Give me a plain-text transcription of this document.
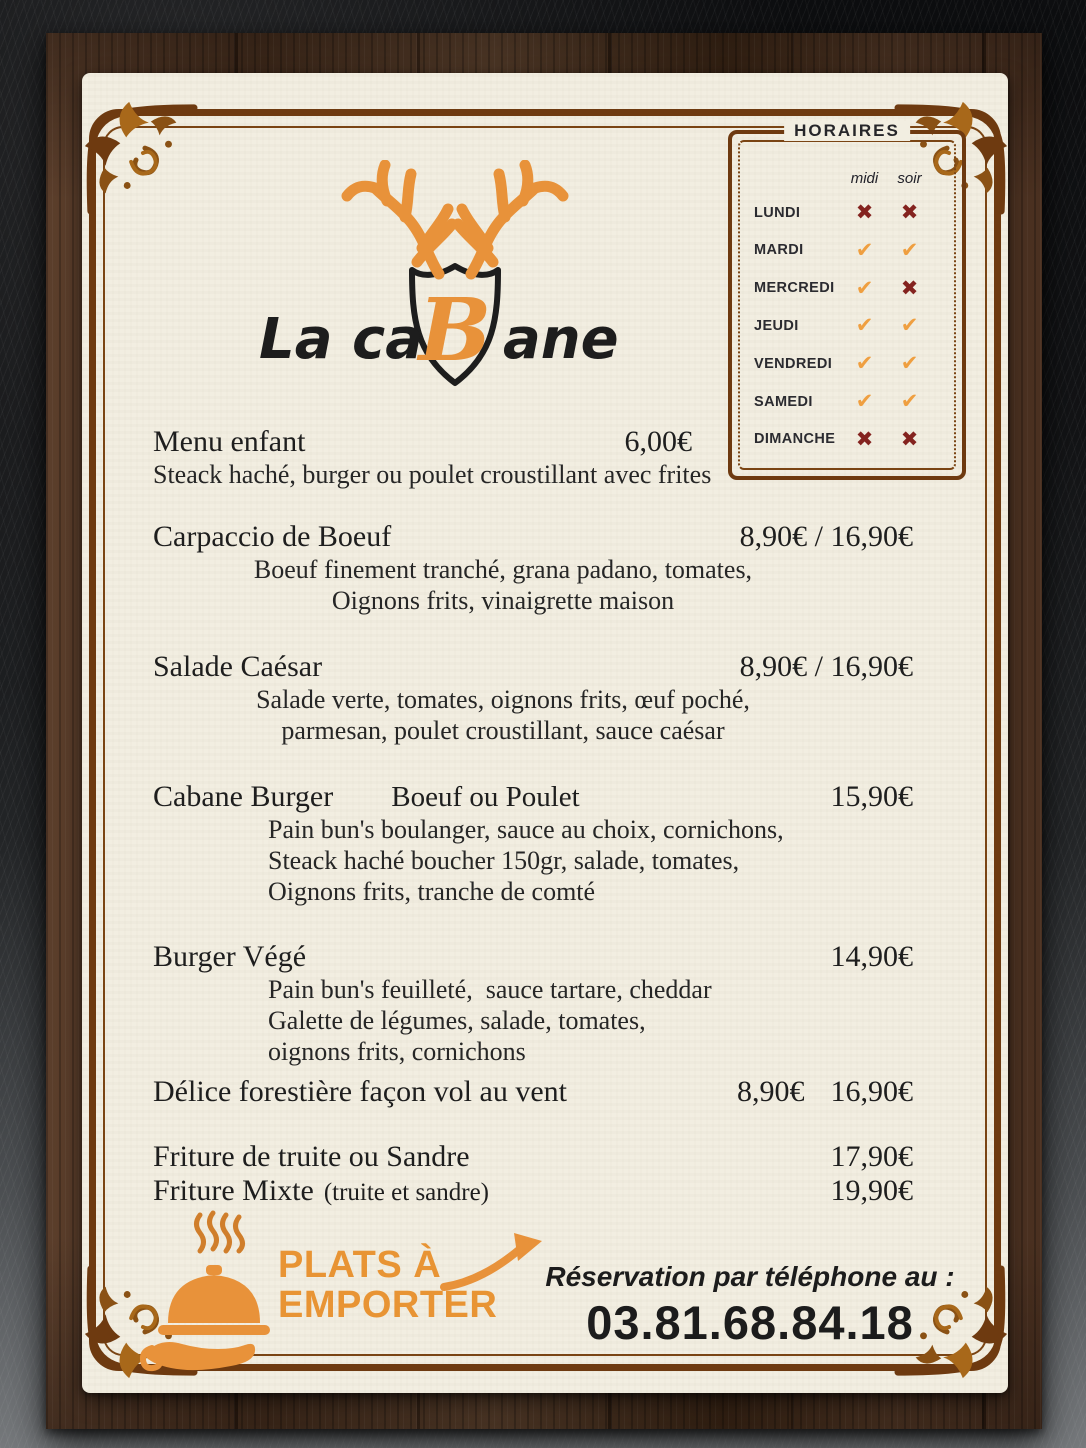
B
La ca ane
HORAIRES
midi	soir
LUNDI	✖	✖
MARDI	✔	✔
MERCREDI	✔	✖
JEUDI	✔	✔
VENDREDI	✔	✔
SAMEDI	✔	✔
DIMANCHE ✖	✖
Menu enfant	6,00€
Steack haché, burger ou poulet croustillant avec frites
Carpaccio de Boeuf	8,90€ / 16,90€
Boeuf finement tranché, grana padano, tomates,
Oignons frits, vinaigrette maison
Salade Caésar	8,90€ / 16,90€
Salade verte, tomates, oignons frits, œuf poché,
parmesan, poulet croustillant, sauce caésar
Cabane Burger Boeuf ou Poulet	15,90€
Pain bun's boulanger, sauce au choix, cornichons,
Steack haché boucher 150gr, salade, tomates,
Oignons frits, tranche de comté
Burger Végé	14,90€
Pain bun's feuilleté,  sauce tartare, cheddar
Galette de légumes, salade, tomates,
oignons frits, cornichons
Délice forestière façon vol au vent	8,90€ 16,90€
Friture de truite ou Sandre	17,90€
Friture Mixte (truite et sandre)	19,90€
PLATS À
EMPORTER
Réservation par téléphone au :
03.81.68.84.18
